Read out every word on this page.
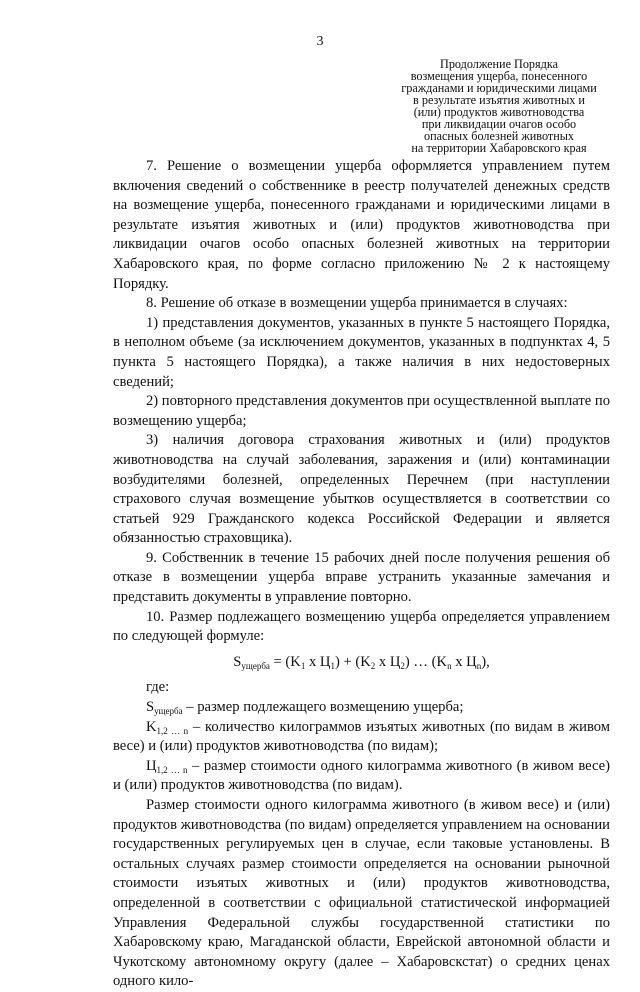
3
Продолжение Порядка
возмещения ущерба, понесенного
гражданами и юридическими лицами
в результате изъятия животных и
(или) продуктов животноводства
при ликвидации очагов особо
опасных болезней животных
на территории Хабаровского края

7. Решение о возмещении ущерба оформляется управлением путем включения сведений о собственнике в реестр получателей денежных средств на возмещение ущерба, понесенного гражданами и юридическими лицами в результате изъятия животных и (или) продуктов животноводства при ликвидации очагов особо опасных болезней животных на территории Хабаровского края, по форме согласно приложению № 2 к настоящему Порядку.

8. Решение об отказе в возмещении ущерба принимается в случаях:

1) представления документов, указанных в пункте 5 настоящего Порядка, в неполном объеме (за исключением документов, указанных в подпунктах 4, 5 пункта 5 настоящего Порядка), а также наличия в них недостоверных сведений;

2) повторного представления документов при осуществленной выплате по возмещению ущерба;

3) наличия договора страхования животных и (или) продуктов животноводства на случай заболевания, заражения и (или) контаминации возбудителями болезней, определенных Перечнем (при наступлении страхового случая возмещение убытков осуществляется в соответствии со статьей 929 Гражданского кодекса Российской Федерации и является обязанностью страховщика).

9. Собственник в течение 15 рабочих дней после получения решения об отказе в возмещении ущерба вправе устранить указанные замечания и представить документы в управление повторно.

10. Размер подлежащего возмещению ущерба определяется управлением по следующей формуле:

$S_{ущерба} = (K_1$ x $Ц_1) + (K_2$ x $Ц_2$) … ($K_n$ x $Ц_n$),

где:

$S_{ущерба}$ – размер подлежащего возмещению ущерба;

$K_{1,2 \dots n}$ – количество килограммов изъятых животных (по видам в живом весе) и (или) продуктов животноводства (по видам);

$Ц_{1,2 \dots n}$ – размер стоимости одного килограмма животного (в живом весе) и (или) продуктов животноводства (по видам).

Размер стоимости одного килограмма животного (в живом весе) и (или) продуктов животноводства (по видам) определяется управлением на основании государственных регулируемых цен в случае, если таковые установлены. В остальных случаях размер стоимости определяется на основании рыночной стоимости изъятых животных и (или) продуктов животноводства, определенной в соответствии с официальной статистической информацией Управления Федеральной службы государственной статистики по Хабаровскому краю, Магаданской области, Еврейской автономной области и Чукотскому автономному округу (далее – Хабаровскстат) о средних ценах одного кило-
